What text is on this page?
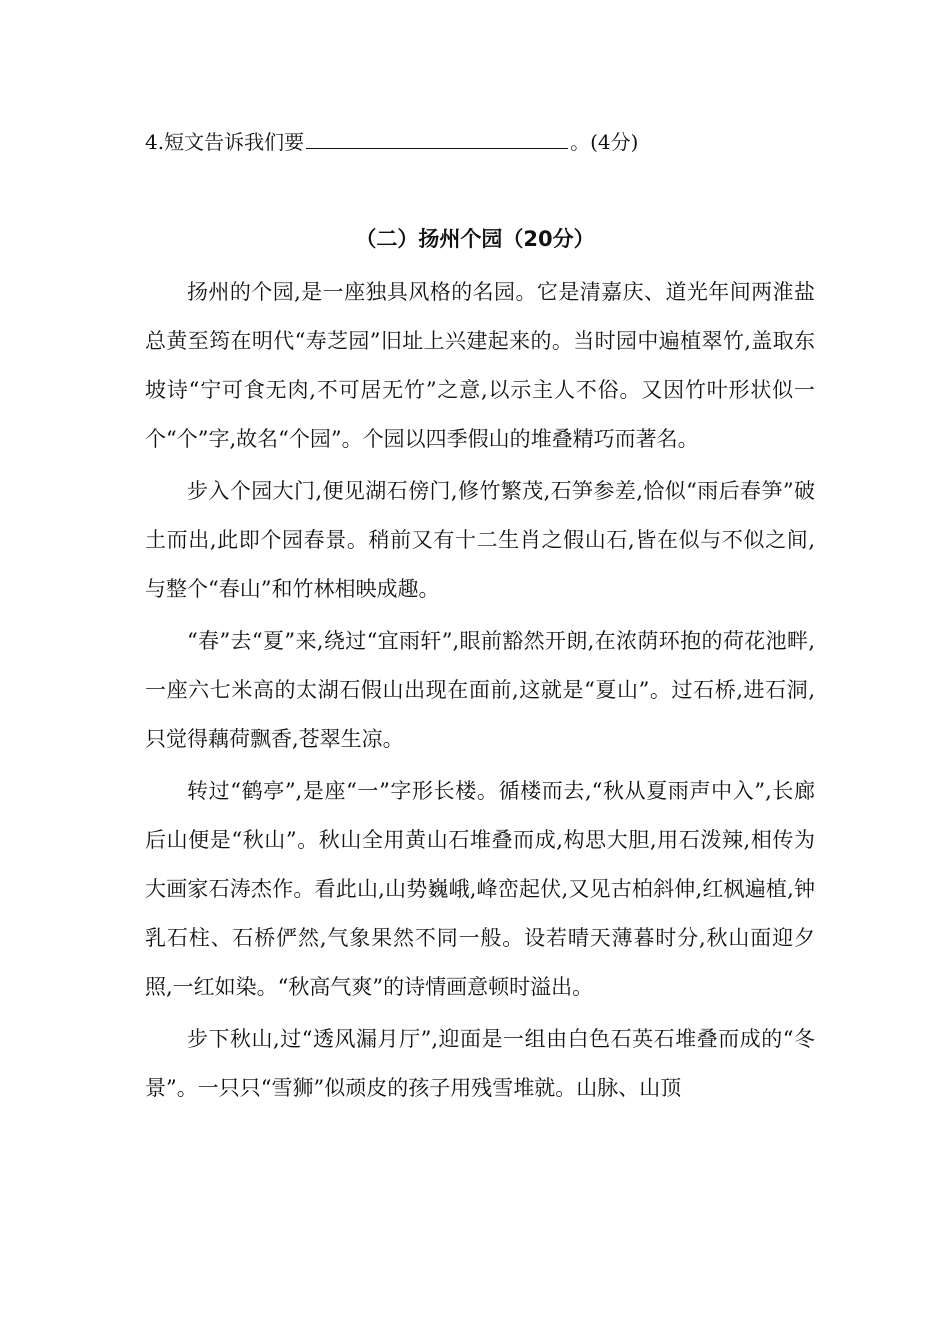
4.短文告诉我们要	。(4分)
（二）扬州个园（20分）

扬州的个园,是一座独具风格的名园。它是清嘉庆、道光年间两淮盐总黄至筠在明代“寿芝园”旧址上兴建起来的。当时园中遍植翠竹,盖取东坡诗“宁可食无肉,不可居无竹”之意,以示主人不俗。又因竹叶形状似一个“个”字,故名“个园”。个园以四季假山的堆叠精巧而著名。

步入个园大门,便见湖石傍门,修竹繁茂,石笋参差,恰似“雨后春笋”破土而出,此即个园春景。稍前又有十二生肖之假山石,皆在似与不似之间,与整个“春山”和竹林相映成趣。

“春”去“夏”来,绕过“宜雨轩”,眼前豁然开朗,在浓荫环抱的荷花池畔,一座六七米高的太湖石假山出现在面前,这就是“夏山”。过石桥,进石洞,只觉得藕荷飘香,苍翠生凉。

转过“鹤亭”,是座“一”字形长楼。循楼而去,“秋从夏雨声中入”,长廊后山便是“秋山”。秋山全用黄山石堆叠而成,构思大胆,用石泼辣,相传为大画家石涛杰作。看此山,山势巍峨,峰峦起伏,又见古柏斜伸,红枫遍植,钟乳石柱、石桥俨然,气象果然不同一般。设若晴天薄暮时分,秋山面迎夕照,一红如染。“秋高气爽”的诗情画意顿时溢出。

步下秋山,过“透风漏月厅”,迎面是一组由白色石英石堆叠而成的“冬景”。一只只“雪狮”似顽皮的孩子用残雪堆就。山脉、山顶
